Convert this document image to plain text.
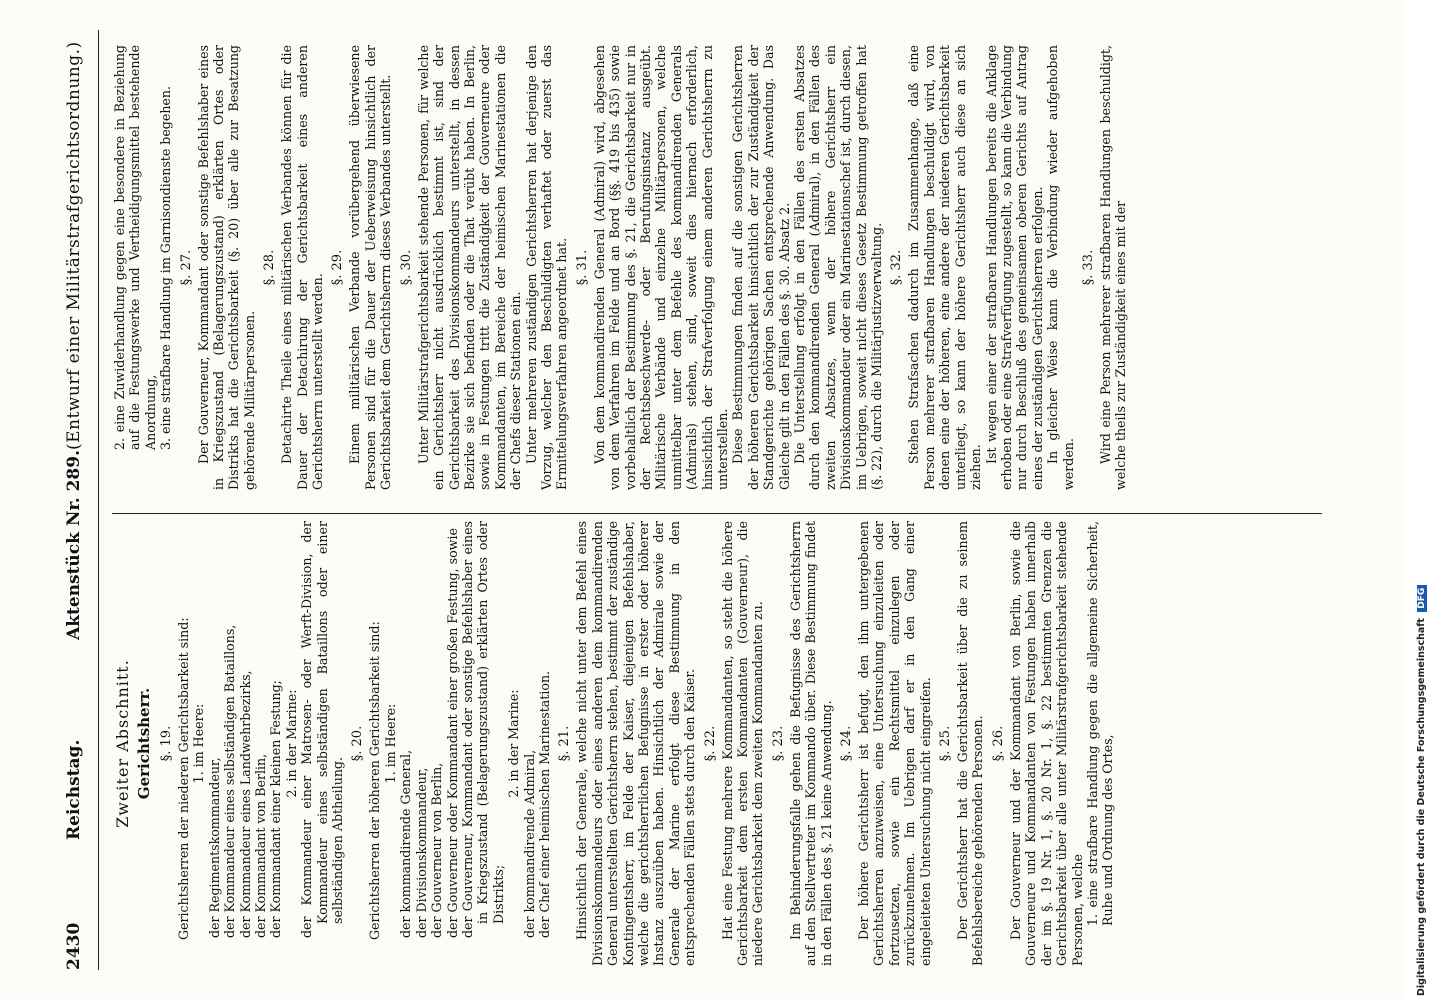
2430
Reichstag.
Aktenstück Nr. 289.
(Entwurf einer Militärstrafgerichtsordnung.)

Zweiter Abschnitt. Gerichtsherr. §. 19. Gerichtsherren der niederen Gerichtsbarkeit sind: 1. im Heere:

der Regimentskommandeur, der Kommandeur eines selbständigen Bataillons, der Kommandeur eines Landwehrbezirks, der Kommandant von Berlin, der Kommandant einer kleinen Festung; 2. in der Marine: der Kommandeur einer Matrosen- oder Werft-Division, der Kommandeur eines selbständigen Bataillons oder einer selbständigen Abtheilung.

§. 20. Gerichtsherren der höheren Gerichtsbarkeit sind: 1. im Heere:

der kommandirende General, der Divisionskommandeur, der Gouverneur von Berlin, der Gouverneur oder Kommandant einer großen Festung, sowie der Gouverneur, Kommandant oder sonstige Befehlshaber eines in Kriegszustand (Belagerungszustand) erklärten Ortes oder Distrikts;

2. in der Marine:

der kommandirende Admiral, der Chef einer heimischen Marinestation. §. 21. Hinsichtlich der Generale, welche nicht unter dem Befehl eines Divisionskommandeurs oder eines anderen dem kommandirenden General unterstellten Gerichtsherrn stehen, bestimmt der zuständige Kontingentsherr, im Felde der Kaiser, diejenigen Befehlshaber, welche die gerichtsherrlichen Befugnisse in erster oder höherer Instanz auszuüben haben. Hinsichtlich der Admirale sowie der Generale der Marine erfolgt diese Bestimmung in den entsprechenden Fällen stets durch den Kaiser. §. 22. Hat eine Festung mehrere Kommandanten, so steht die höhere Gerichtsbarkeit dem ersten Kommandanten (Gouverneur), die niedere Gerichtsbarkeit dem zweiten Kommandanten zu. §. 23. Im Behinderungsfalle gehen die Befugnisse des Gerichtsherrn auf den Stellvertreter im Kommando über. Diese Bestimmung findet in den Fällen des §. 21 keine Anwendung. §. 24. Der höhere Gerichtsherr ist befugt, den ihm untergebenen Gerichtsherren anzuweisen, eine Untersuchung einzuleiten oder fortzusetzen, sowie ein Rechtsmittel einzulegen oder zurückzunehmen. Im Uebrigen darf er in den Gang einer eingeleiteten Untersuchung nicht eingreifen. §. 25. Der Gerichtsherr hat die Gerichtsbarkeit über die zu seinem Befehlsbereiche gehörenden Personen. §. 26. Der Gouverneur und der Kommandant von Berlin, sowie die Gouverneure und Kommandanten von Festungen haben innerhalb der im §. 19 Nr. 1, §. 20 Nr. 1, §. 22 bestimmten Grenzen die Gerichtsbarkeit über alle unter Militärstrafgerichtsbarkeit stehende Personen, welche 1. eine strafbare Handlung gegen die allgemeine Sicherheit, Ruhe und Ordnung des Ortes,

2. eine Zuwiderhandlung gegen eine besondere in Beziehung auf die Festungswerke und Vertheidigungsmittel bestehende Anordnung, 3. eine strafbare Handlung im Garnisondienste begehen. §. 27. Der Gouverneur, Kommandant oder sonstige Befehlshaber eines in Kriegszustand (Belagerungszustand) erklärten Ortes oder Distrikts hat die Gerichtsbarkeit (§. 20) über alle zur Besatzung gehörende Militärpersonen.

§. 28. Detachirte Theile eines militärischen Verbandes können für die Dauer der Detachirung der Gerichtsbarkeit eines anderen Gerichtsherrn unterstellt werden.

§. 29. Einem militärischen Verbande vorübergehend überwiesene Personen sind für die Dauer der Ueberweisung hinsichtlich der Gerichtsbarkeit dem Gerichtsherrn dieses Verbandes unterstellt. §. 30. Unter Militärstrafgerichtsbarkeit stehende Personen, für welche ein Gerichtsherr nicht ausdrücklich bestimmt ist, sind der Gerichtsbarkeit des Divisionskommandeurs unterstellt, in dessen Bezirke sie sich befinden oder die That verübt haben. In Berlin, sowie in Festungen tritt die Zuständigkeit der Gouverneure oder Kommandanten, im Bereiche der heimischen Marinestationen die der Chefs dieser Stationen ein. Unter mehreren zuständigen Gerichtsherren hat derjenige den Vorzug, welcher den Beschuldigten verhaftet oder zuerst das Ermittelungsverfahren angeordnet hat. §. 31. Von dem kommandirenden General (Admiral) wird, abgesehen von dem Verfahren im Felde und an Bord (§§. 419 bis 435) sowie vorbehaltlich der Bestimmung des §. 21, die Gerichtsbarkeit nur in der Rechtsbeschwerde- oder Berufungsinstanz ausgeübt. Militärische Verbände und einzelne Militärpersonen, welche unmittelbar unter dem Befehle des kommandirenden Generals (Admirals) stehen, sind, soweit dies hiernach erforderlich, hinsichtlich der Strafverfolgung einem anderen Gerichtsherrn zu unterstellen. Diese Bestimmungen finden auf die sonstigen Gerichtsherren der höheren Gerichtsbarkeit hinsichtlich der zur Zuständigkeit der Standgerichte gehörigen Sachen entsprechende Anwendung. Das Gleiche gilt in den Fällen des §. 30. Absatz 2. Die Unterstellung erfolgt in den Fällen des ersten Absatzes durch den kommandirenden General (Admiral), in den Fällen des zweiten Absatzes, wenn der höhere Gerichtsherr ein Divisionskommandeur oder ein Marinestationschef ist, durch diesen, im Uebrigen, soweit nicht dieses Gesetz Bestimmung getroffen hat (§. 22), durch die Militärjustizverwaltung. §. 32. Stehen Strafsachen dadurch im Zusammenhange, daß eine Person mehrerer strafbaren Handlungen beschuldigt wird, von denen eine der höheren, eine andere der niederen Gerichtsbarkeit unterliegt, so kann der höhere Gerichtsherr auch diese an sich ziehen.

Ist wegen einer der strafbaren Handlungen bereits die Anklage erhoben oder eine Strafverfügung zugestellt, so kann die Verbindung nur durch Beschluß des gemeinsamen oberen Gerichts auf Antrag eines der zuständigen Gerichtsherren erfolgen. In gleicher Weise kann die Verbindung wieder aufgehoben werden.

§. 33. Wird eine Person mehrerer strafbaren Handlungen beschuldigt, welche theils zur Zuständigkeit eines mit der

Digitalisierung gefördert durch die Deutsche Forschungsgemeinschaft DFG
